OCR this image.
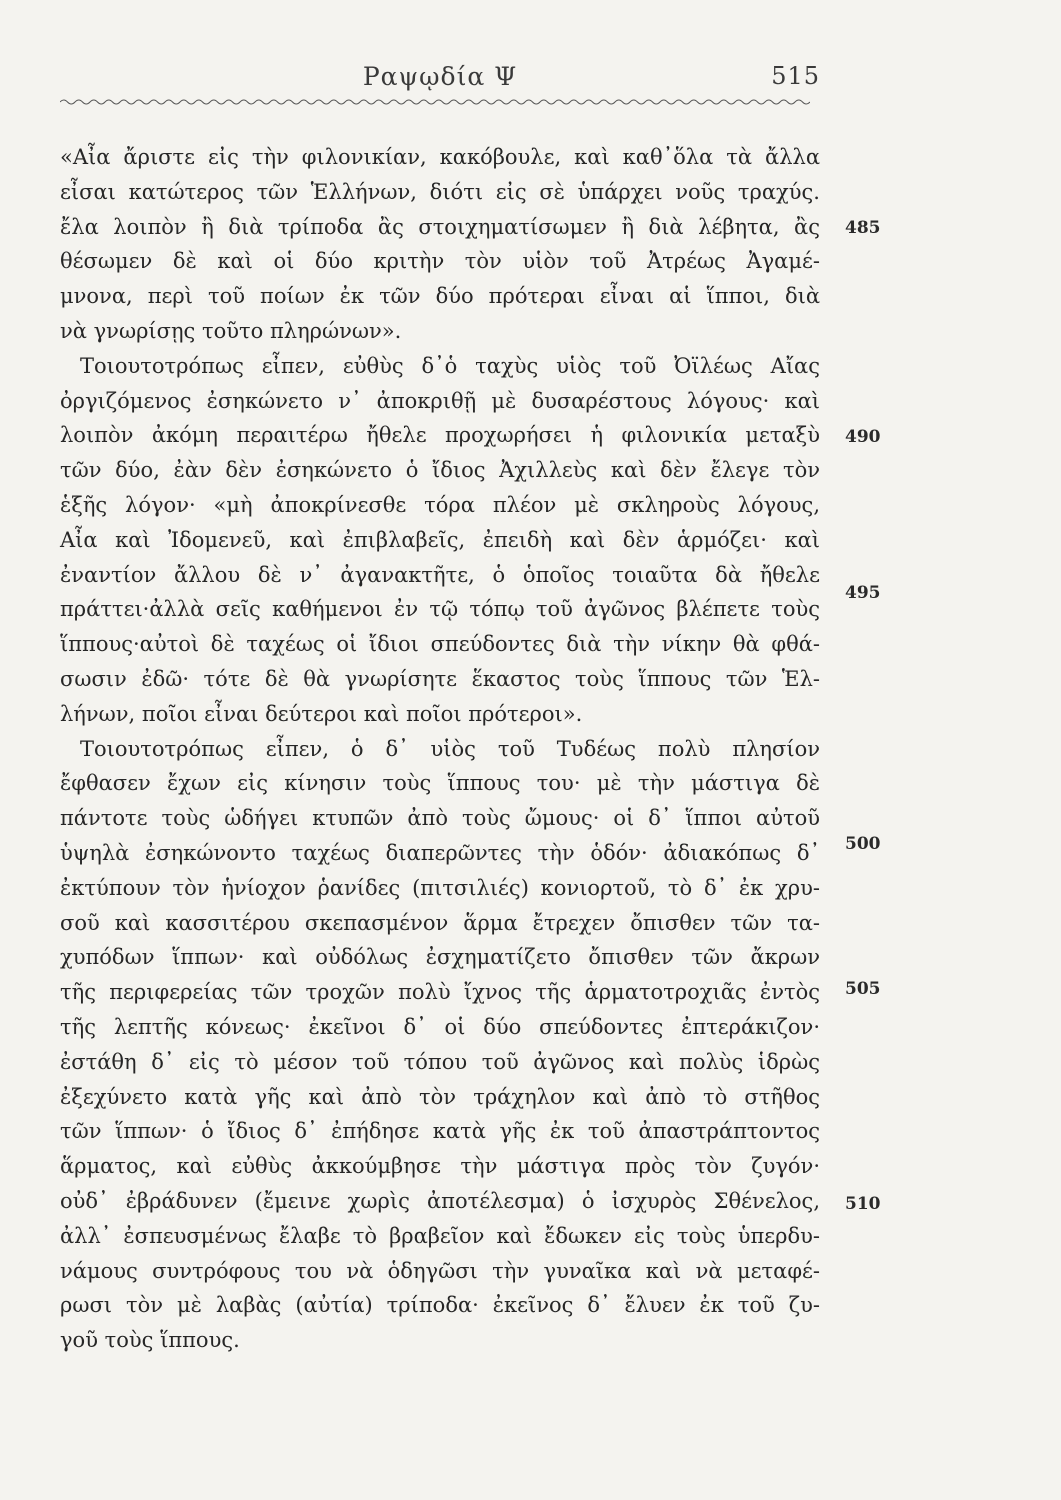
Ραψῳδία Ψ	515
«Αἶα ἄριστε εἰς τὴν φιλονικίαν, κακόβουλε, καὶ καθ᾿ὅλα τὰ ἄλλα
εἶσαι κατώτερος τῶν Ἑλλήνων, διότι εἰς σὲ ὑπάρχει νοῦς τραχύς.
ἔλα λοιπὸν ἢ διὰ τρίποδα ἂς στοιχηματίσωμεν ἢ διὰ λέβητα, ἂς
θέσωμεν δὲ καὶ οἱ δύο κριτὴν τὸν υἱὸν τοῦ Ἀτρέως Ἀγαμέ-
μνονα, περὶ τοῦ ποίων ἐκ τῶν δύο πρότεραι εἶναι αἱ ἵπποι, διὰ
νὰ γνωρίσῃς τοῦτο πληρώνων».
Τοιουτοτρόπως εἶπεν, εὐθὺς δ᾿ὁ ταχὺς υἱὸς τοῦ Ὀϊλέως Αἴας
ὀργιζόμενος ἐσηκώνετο ν᾿ ἀποκριθῇ μὲ δυσαρέστους λόγους· καὶ
λοιπὸν ἀκόμη περαιτέρω ἤθελε προχωρήσει ἡ φιλονικία μεταξὺ
τῶν δύο, ἐὰν δὲν ἐσηκώνετο ὁ ἴδιος Ἀχιλλεὺς καὶ δὲν ἔλεγε τὸν
ἑξῆς λόγον· «μὴ ἀποκρίνεσθε τόρα πλέον μὲ σκληροὺς λόγους,
Αἶα καὶ Ἰδομενεῦ, καὶ ἐπιβλαβεῖς, ἐπειδὴ καὶ δὲν ἁρμόζει· καὶ
ἐναντίον ἄλλου δὲ ν᾿ ἀγανακτῆτε, ὁ ὁποῖος τοιαῦτα δὰ ἤθελε
πράττει·ἀλλὰ σεῖς καθήμενοι ἐν τῷ τόπῳ τοῦ ἀγῶνος βλέπετε τοὺς
ἵππους·αὐτοὶ δὲ ταχέως οἱ ἴδιοι σπεύδοντες διὰ τὴν νίκην θὰ φθά-
σωσιν ἐδῶ· τότε δὲ θὰ γνωρίσητε ἕκαστος τοὺς ἵππους τῶν Ἑλ-
λήνων, ποῖοι εἶναι δεύτεροι καὶ ποῖοι πρότεροι».
Τοιουτοτρόπως εἶπεν, ὁ δ᾿ υἱὸς τοῦ Τυδέως πολὺ πλησίον
ἔφθασεν ἔχων εἰς κίνησιν τοὺς ἵππους του· μὲ τὴν μάστιγα δὲ
πάντοτε τοὺς ὡδήγει κτυπῶν ἀπὸ τοὺς ὤμους· οἱ δ᾿ ἵπποι αὐτοῦ
ὑψηλὰ ἐσηκώνοντο ταχέως διαπερῶντες τὴν ὁδόν· ἀδιακόπως δ᾿
ἐκτύπουν τὸν ἡνίοχον ῥανίδες (πιτσιλιές) κονιορτοῦ, τὸ δ᾿ ἐκ χρυ-
σοῦ καὶ κασσιτέρου σκεπασμένον ἅρμα ἔτρεχεν ὄπισθεν τῶν τα-
χυπόδων ἵππων· καὶ οὐδόλως ἐσχηματίζετο ὄπισθεν τῶν ἄκρων
τῆς περιφερείας τῶν τροχῶν πολὺ ἴχνος τῆς ἁρματοτροχιᾶς ἐντὸς
τῆς λεπτῆς κόνεως· ἐκεῖνοι δ᾿ οἱ δύο σπεύδοντες ἐπτεράκιζον·
ἐστάθη δ᾿ εἰς τὸ μέσον τοῦ τόπου τοῦ ἀγῶνος καὶ πολὺς ἱδρὼς
ἐξεχύνετο κατὰ γῆς καὶ ἀπὸ τὸν τράχηλον καὶ ἀπὸ τὸ στῆθος
τῶν ἵππων· ὁ ἴδιος δ᾿ ἐπήδησε κατὰ γῆς ἐκ τοῦ ἀπαστράπτοντος
ἅρματος, καὶ εὐθὺς ἀκκούμβησε τὴν μάστιγα πρὸς τὸν ζυγόν·
οὐδ᾿ ἐβράδυνεν (ἔμεινε χωρὶς ἀποτέλεσμα) ὁ ἰσχυρὸς Σθένελος,
ἀλλ᾿ ἐσπευσμένως ἔλαβε τὸ βραβεῖον καὶ ἔδωκεν εἰς τοὺς ὑπερδυ-
νάμους συντρόφους του νὰ ὁδηγῶσι τὴν γυναῖκα καὶ νὰ μεταφέ-
ρωσι τὸν μὲ λαβὰς (αὐτία) τρίποδα· ἐκεῖνος δ᾿ ἔλυεν ἐκ τοῦ ζυ-
γοῦ τοὺς ἵππους.
485
490
495
500
505
510
